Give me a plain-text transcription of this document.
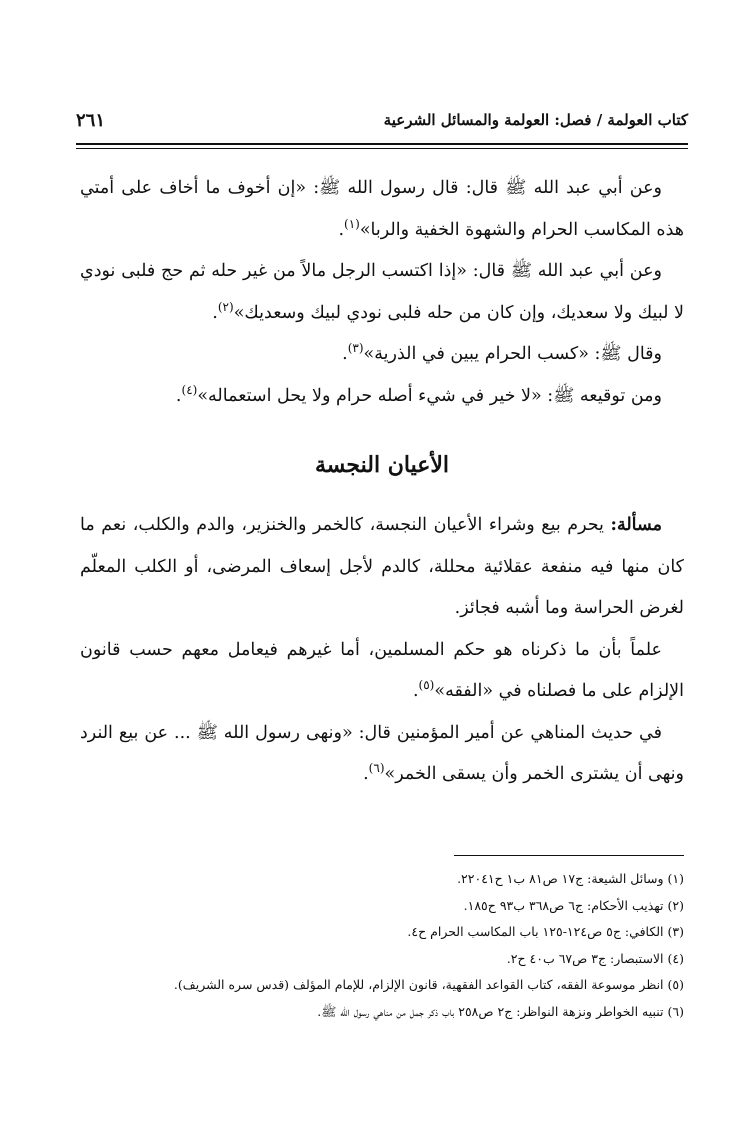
كتاب العولمة / فصل: العولمة والمسائل الشرعية
٢٦١

وعن أبي عبد الله ﷺ قال: قال رسول الله ﷺ: «إن أخوف ما أخاف على أمتي هذه المكاسب الحرام والشهوة الخفية والربا»$^{(١)}$.

وعن أبي عبد الله ﷺ قال: «إذا اكتسب الرجل مالاً من غير حله ثم حج فلبى نودي لا لبيك ولا سعديك، وإن كان من حله فلبى نودي لبيك وسعديك»$^{(٢)}$.

وقال ﷺ: «كسب الحرام يبين في الذرية»$^{(٣)}$.

ومن توقيعه ﷺ: «لا خير في شيء أصله حرام ولا يحل استعماله»$^{(٤)}$.

الأعيان النجسة

مسألة: يحرم بيع وشراء الأعيان النجسة، كالخمر والخنزير، والدم والكلب، نعم ما كان منها فيه منفعة عقلائية محللة، كالدم لأجل إسعاف المرضى، أو الكلب المعلّم لغرض الحراسة وما أشبه فجائز.

علماً بأن ما ذكرناه هو حكم المسلمين، أما غيرهم فيعامل معهم حسب قانون الإلزام على ما فصلناه في «الفقه»$^{(٥)}$.

في حديث المناهي عن أمير المؤمنين قال: «ونهى رسول الله ﷺ ... عن بيع النرد ونهى أن يشترى الخمر وأن يسقى الخمر»$^{(٦)}$.

(١) وسائل الشيعة: ج١٧ ص٨١ ب١ ح٢٢٠٤١.

(٢) تهذيب الأحكام: ج٦ ص٣٦٨ ب٩٣ ح١٨٥.

(٣) الكافي: ج٥ ص١٢٤-١٢٥ باب المكاسب الحرام ح٤.

(٤) الاستبصار: ج٣ ص٦٧ ب٤٠ ح٢.

(٥) انظر موسوعة الفقه، كتاب القواعد الفقهية، قانون الإلزام، للإمام المؤلف (قدس سره الشريف).

(٦) تنبيه الخواطر ونزهة النواظر: ج٢ ص٢٥٨ باب ذكر جمل من مناهي رسول الله ﷺ.
